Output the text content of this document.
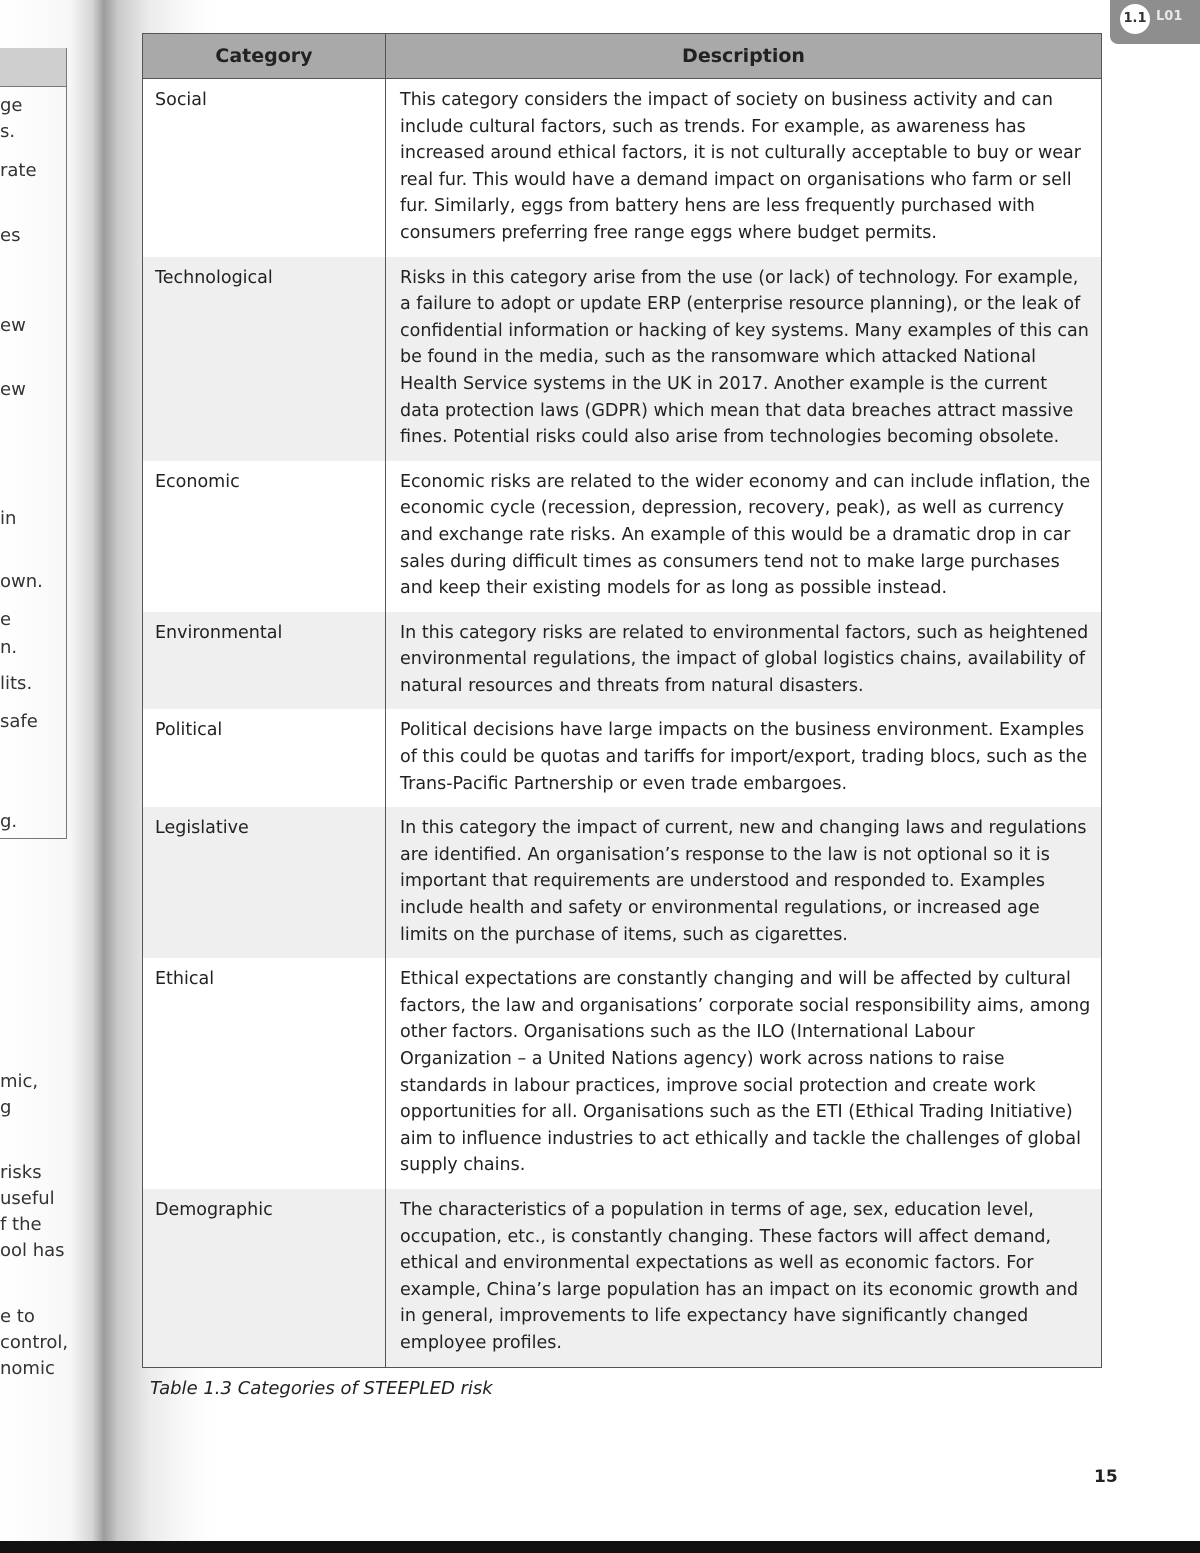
ge
s.
rate
es
ew
ew
in
own.
e
n.
lits.
safe
g.
mic,
g
risks
useful
f the
ool has
e to
control,
nomic
1.1 L01
Category	Description
Social	This category considers the impact of society on business activity and can include cultural factors, such as trends. For example, as awareness has increased around ethical factors, it is not culturally acceptable to buy or wear real fur. This would have a demand impact on organisations who farm or sell fur. Similarly, eggs from battery hens are less frequently purchased with consumers preferring free range eggs where budget permits.
Technological	Risks in this category arise from the use (or lack) of technology. For example, a failure to adopt or update ERP (enterprise resource planning), or the leak of confidential information or hacking of key systems. Many examples of this can be found in the media, such as the ransomware which attacked National Health Service systems in the UK in 2017. Another example is the current data protection laws (GDPR) which mean that data breaches attract massive fines. Potential risks could also arise from technologies becoming obsolete.
Economic	Economic risks are related to the wider economy and can include inflation, the economic cycle (recession, depression, recovery, peak), as well as currency and exchange rate risks. An example of this would be a dramatic drop in car sales during difficult times as consumers tend not to make large purchases and keep their existing models for as long as possible instead.
Environmental	In this category risks are related to environmental factors, such as heightened environmental regulations, the impact of global logistics chains, availability of natural resources and threats from natural disasters.
Political	Political decisions have large impacts on the business environment. Examples of this could be quotas and tariffs for import/export, trading blocs, such as the Trans-Pacific Partnership or even trade embargoes.
Legislative	In this category the impact of current, new and changing laws and regulations are identified. An organisation’s response to the law is not optional so it is important that requirements are understood and responded to. Examples include health and safety or environmental regulations, or increased age limits on the purchase of items, such as cigarettes.
Ethical	Ethical expectations are constantly changing and will be affected by cultural factors, the law and organisations’ corporate social responsibility aims, among other factors. Organisations such as the ILO (International Labour Organization – a United Nations agency) work across nations to raise standards in labour practices, improve social protection and create work opportunities for all. Organisations such as the ETI (Ethical Trading Initiative) aim to influence industries to act ethically and tackle the challenges of global supply chains.
Demographic	The characteristics of a population in terms of age, sex, education level, occupation, etc., is constantly changing. These factors will affect demand, ethical and environmental expectations as well as economic factors. For example, China’s large population has an impact on its economic growth and in general, improvements to life expectancy have significantly changed employee profiles.
Table 1.3 Categories of STEEPLED risk
15
